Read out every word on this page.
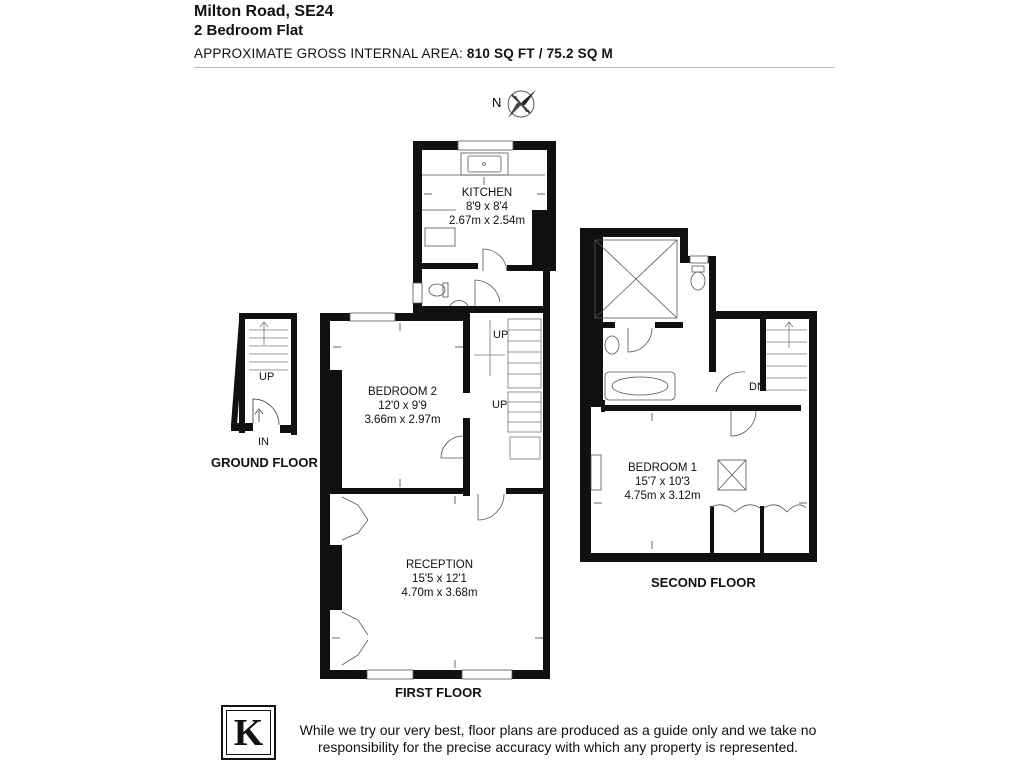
Milton Road, SE24
2 Bedroom Flat
APPROXIMATE GROSS INTERNAL AREA: 810 SQ FT / 75.2 SQ M
N
GROUND FLOOR
UP
IN
FIRST FLOOR
UP
UP
SECOND FLOOR
DN
KITCHEN
8'9 x 8'4
2.67m x 2.54m
BEDROOM 2
12'0 x 9'9
3.66m x 2.97m
RECEPTION
15'5 x 12'1
4.70m x 3.68m
BEDROOM 1
15'7 x 10'3
4.75m x 3.12m
K	While we try our very best, floor plans are produced as a guide only and we take no responsibility for the precise accuracy with which any property is represented.
